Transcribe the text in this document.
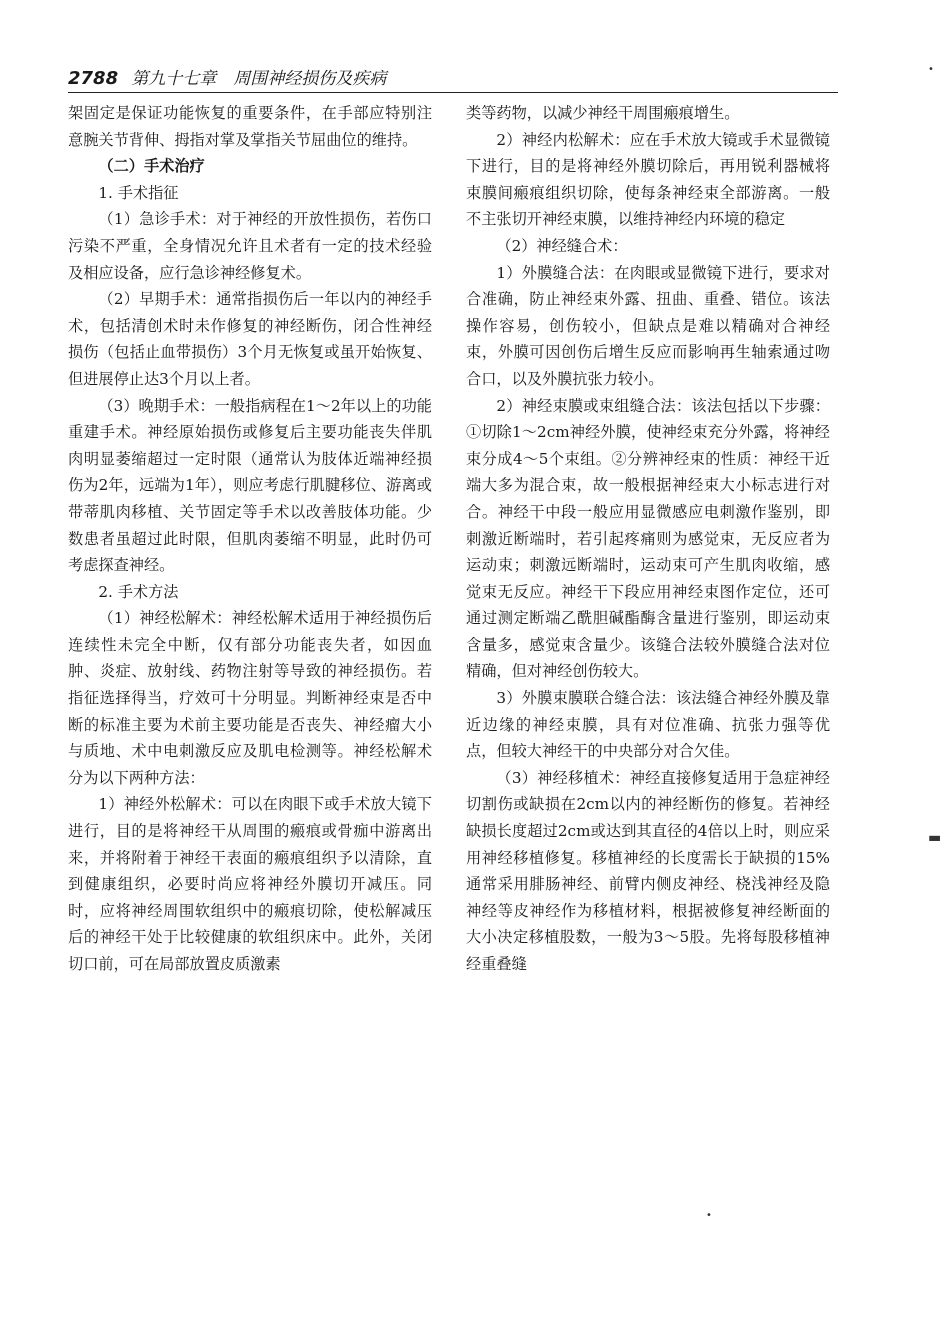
2788 第九十七章　周围神经损伤及疾病

架固定是保证功能恢复的重要条件，在手部应特别注意腕关节背伸、拇指对掌及掌指关节屈曲位的维持。

（二）手术治疗

1. 手术指征

（1）急诊手术：对于神经的开放性损伤，若伤口污染不严重，全身情况允许且术者有一定的技术经验及相应设备，应行急诊神经修复术。

（2）早期手术：通常指损伤后一年以内的神经手术，包括清创术时未作修复的神经断伤，闭合性神经损伤（包括止血带损伤）3个月无恢复或虽开始恢复、但进展停止达3个月以上者。

（3）晚期手术：一般指病程在1～2年以上的功能重建手术。神经原始损伤或修复后主要功能丧失伴肌肉明显萎缩超过一定时限（通常认为肢体近端神经损伤为2年，远端为1年），则应考虑行肌腱移位、游离或带蒂肌肉移植、关节固定等手术以改善肢体功能。少数患者虽超过此时限，但肌肉萎缩不明显，此时仍可考虑探查神经。

2. 手术方法

（1）神经松解术：神经松解术适用于神经损伤后连续性未完全中断，仅有部分功能丧失者，如因血肿、炎症、放射线、药物注射等导致的神经损伤。若指征选择得当，疗效可十分明显。判断神经束是否中断的标准主要为术前主要功能是否丧失、神经瘤大小与质地、术中电刺激反应及肌电检测等。神经松解术分为以下两种方法：

1）神经外松解术：可以在肉眼下或手术放大镜下进行，目的是将神经干从周围的瘢痕或骨痂中游离出来，并将附着于神经干表面的瘢痕组织予以清除，直到健康组织，必要时尚应将神经外膜切开减压。同时，应将神经周围软组织中的瘢痕切除，使松解减压后的神经干处于比较健康的软组织床中。此外，关闭切口前，可在局部放置皮质激素

类等药物，以减少神经干周围瘢痕增生。

2）神经内松解术：应在手术放大镜或手术显微镜下进行，目的是将神经外膜切除后，再用锐利器械将束膜间瘢痕组织切除，使每条神经束全部游离。一般不主张切开神经束膜，以维持神经内环境的稳定

（2）神经缝合术：

1）外膜缝合法：在肉眼或显微镜下进行，要求对合准确，防止神经束外露、扭曲、重叠、错位。该法操作容易，创伤较小，但缺点是难以精确对合神经束，外膜可因创伤后增生反应而影响再生轴索通过吻合口，以及外膜抗张力较小。

2）神经束膜或束组缝合法：该法包括以下步骤：①切除1～2cm神经外膜，使神经束充分外露，将神经束分成4～5个束组。②分辨神经束的性质：神经干近端大多为混合束，故一般根据神经束大小标志进行对合。神经干中段一般应用显微感应电刺激作鉴别，即刺激近断端时，若引起疼痛则为感觉束，无反应者为运动束；刺激远断端时，运动束可产生肌肉收缩，感觉束无反应。神经干下段应用神经束图作定位，还可通过测定断端乙酰胆碱酯酶含量进行鉴别，即运动束含量多，感觉束含量少。该缝合法较外膜缝合法对位精确，但对神经创伤较大。

3）外膜束膜联合缝合法：该法缝合神经外膜及靠近边缘的神经束膜，具有对位准确、抗张力强等优点，但较大神经干的中央部分对合欠佳。

（3）神经移植术：神经直接修复适用于急症神经切割伤或缺损在2cm以内的神经断伤的修复。若神经缺损长度超过2cm或达到其直径的4倍以上时，则应采用神经移植修复。移植神经的长度需长于缺损的15%通常采用腓肠神经、前臂内侧皮神经、桡浅神经及隐神经等皮神经作为移植材料，根据被修复神经断面的大小决定移植股数，一般为3～5股。先将每股移植神经重叠缝

•
▬
•
